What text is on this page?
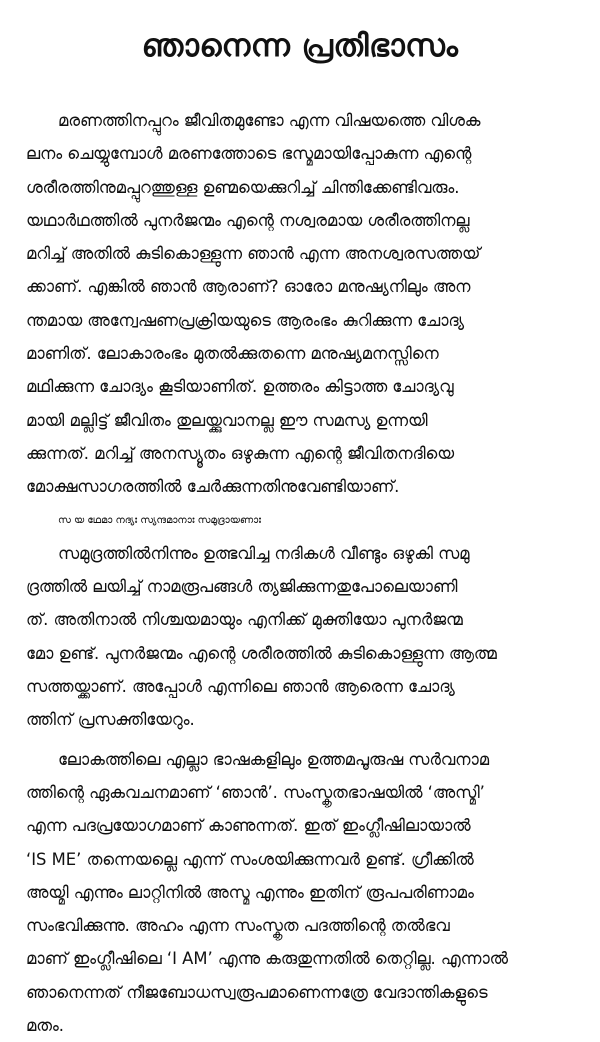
ഞാനെന്ന പ്രതിഭാസം

മരണത്തിനപ്പുറം ജീവിതമുണ്ടോ എന്ന വിഷയത്തെ വിശക
ലനം ചെയ്യുമ്പോൾ മരണത്തോടെ ഭസ്മമായിപ്പോകുന്ന എന്റെ
ശരീരത്തിനുമപ്പുറത്തുള്ള ഉണ്മയെക്കുറിച്ച് ചിന്തിക്കേണ്ടിവരും.
യഥാർഥത്തിൽ പുനർജന്മം എന്റെ നശ്വരമായ ശരീരത്തിനല്ല
മറിച്ച് അതിൽ കുടികൊള്ളുന്ന ഞാൻ എന്ന അനശ്വരസത്തയ്
ക്കാണ്. എങ്കിൽ ഞാൻ ആരാണ്? ഓരോ മനുഷ്യനിലും അന
ന്തമായ അന്വേഷണപ്രക്രിയയുടെ ആരംഭം കുറിക്കുന്ന ചോദ്യ
മാണിത്. ലോകാരംഭം മുതൽക്കുതന്നെ മനുഷ്യമനസ്സിനെ
മഥിക്കുന്ന ചോദ്യം കൂടിയാണിത്. ഉത്തരം കിട്ടാത്ത ചോദ്യവു
മായി മല്ലിട്ട് ജീവിതം തുലയ്ക്കുവാനല്ല ഈ സമസ്യ ഉന്നയി
ക്കുന്നത്. മറിച്ച് അനസ്യൂതം ഒഴുകുന്ന എന്റെ ജീവിതനദിയെ
മോക്ഷസാഗരത്തിൽ ചേർക്കുന്നതിനുവേണ്ടിയാണ്.

സ യ ഥേമാ നദ്യഃ സ്യന്ദമാനാഃ സമുദ്രായണാഃ

സമുദ്രത്തിൽനിന്നും ഉത്ഭവിച്ച നദികൾ വീണ്ടും ഒഴുകി സമു
ദ്രത്തിൽ ലയിച്ച് നാമരൂപങ്ങൾ ത്യജിക്കുന്നതുപോലെയാണി
ത്. അതിനാൽ നിശ്ചയമായും എനിക്ക് മുക്തിയോ പുനർജന്മ
മോ ഉണ്ട്. പുനർജന്മം എന്റെ ശരീരത്തിൽ കുടികൊള്ളുന്ന ആത്മ
സത്തയ്ക്കാണ്. അപ്പോൾ എന്നിലെ ഞാൻ ആരെന്ന ചോദ്യ
ത്തിന് പ്രസക്തിയേറും.

ലോകത്തിലെ എല്ലാ ഭാഷകളിലും ഉത്തമപൂരുഷ സർവനാമ
ത്തിന്റെ ഏകവചനമാണ് ‘ഞാൻ’. സംസ്കൃതഭാഷയിൽ ‘അസ്മി’
എന്ന പദപ്രയോഗമാണ് കാണുന്നത്. ഇത് ഇംഗ്ലീഷിലായാൽ
‘IS ME’ തന്നെയല്ലെ എന്ന് സംശയിക്കുന്നവർ ഉണ്ട്. ഗ്രീക്കിൽ
അയ്മി എന്നും ലാറ്റിനിൽ അസ്മ എന്നും ഇതിന് രൂപപരിണാമം
സംഭവിക്കുന്നു. അഹം എന്ന സംസ്കൃത പദത്തിന്റെ തൽഭവ
മാണ് ഇംഗ്ലീഷിലെ ‘I AM’ എന്നു കരുതുന്നതിൽ തെറ്റില്ല. എന്നാൽ
ഞാനെന്നത് നീജബോധസ്വരൂപമാണെന്നത്രേ വേദാന്തികളുടെ
മതം.
